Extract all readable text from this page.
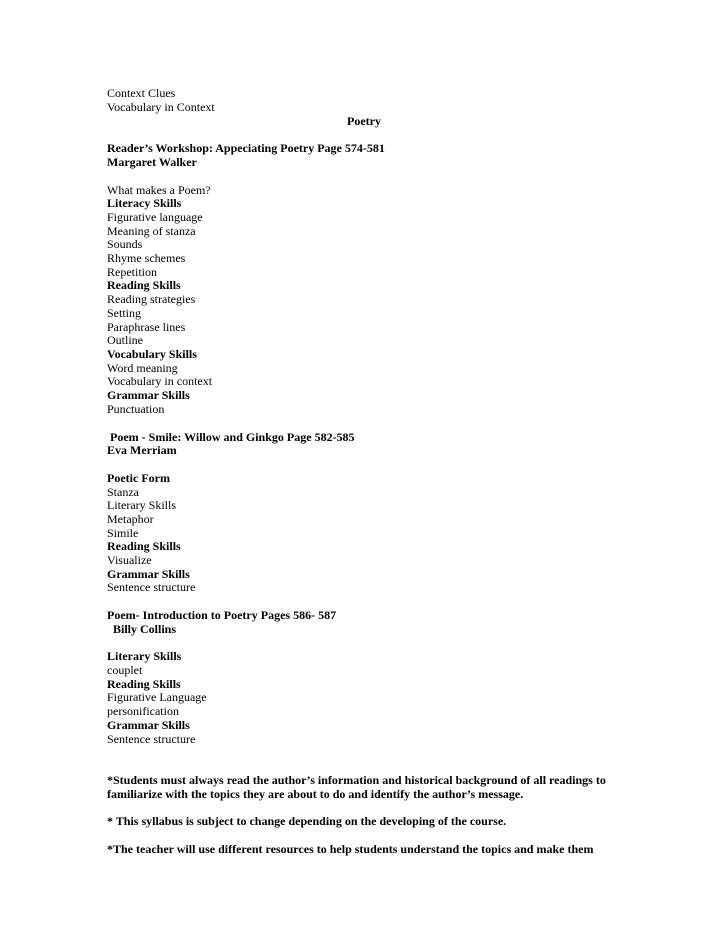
Context Clues
Vocabulary in Context
Poetry
Reader’s Workshop: Appeciating Poetry Page 574-581
Margaret Walker
What makes a Poem?
Literacy Skills
Figurative language
Meaning of stanza
Sounds
Rhyme schemes
Repetition
Reading Skills
Reading strategies
Setting
Paraphrase lines
Outline
Vocabulary Skills
Word meaning
Vocabulary in context
Grammar Skills
Punctuation
Poem - Smile: Willow and Ginkgo Page 582-585
Eva Merriam
Poetic Form
Stanza
Literary Skills
Metaphor
Simile
Reading Skills
Visualize
Grammar Skills
Sentence structure
Poem- Introduction to Poetry Pages 586- 587
Billy Collins
Literary Skills
couplet
Reading Skills
Figurative Language
personification
Grammar Skills
Sentence structure
*Students must always read the author’s information and historical background of all readings to
familiarize with the topics they are about to do and identify the author’s message.
* This syllabus is subject to change depending on the developing of the course.
*The teacher will use different resources to help students understand the topics and make them
